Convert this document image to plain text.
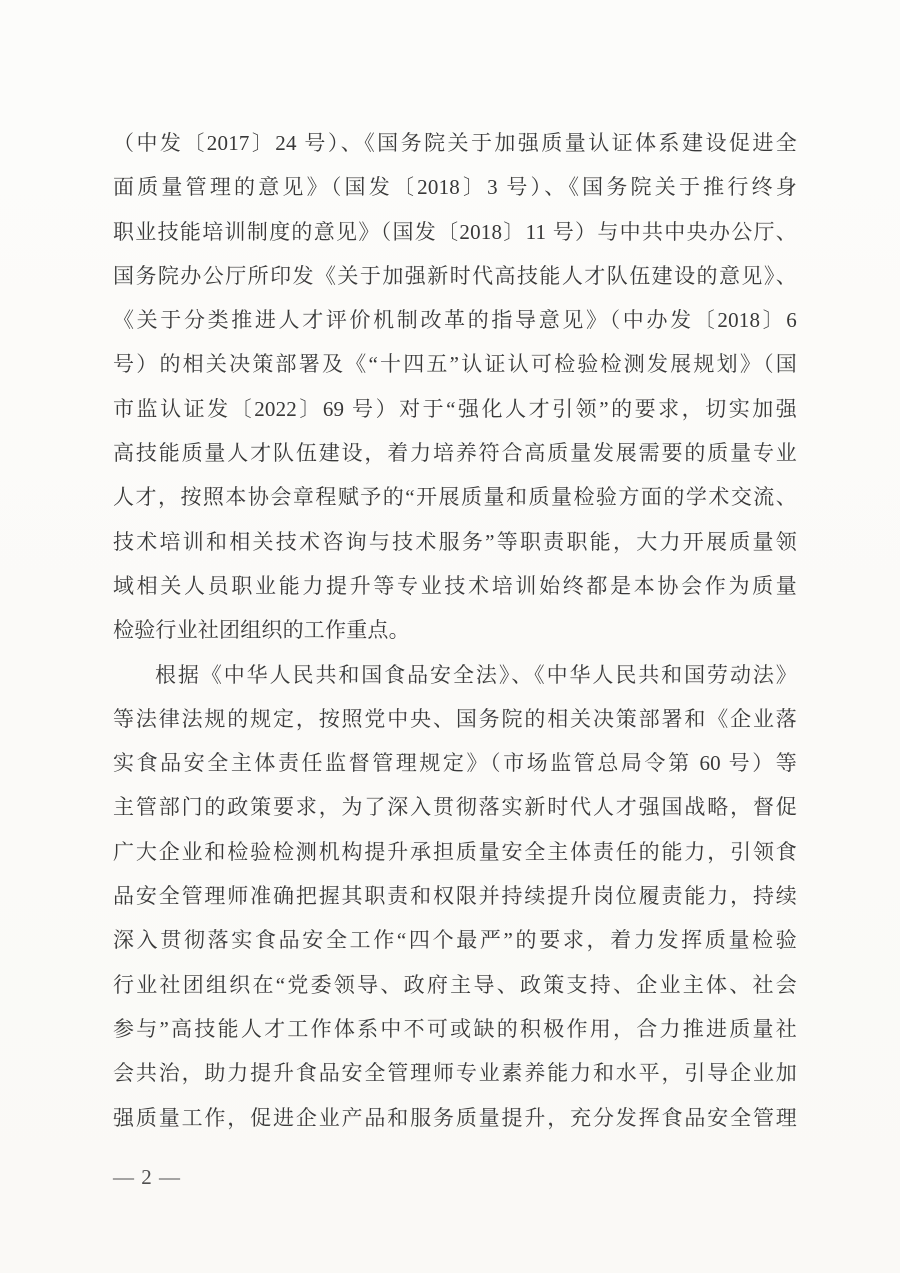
（中发〔2017〕24 号）、《国务院关于加强质量认证体系建设促进全
面质量管理的意见》（国发〔2018〕3 号）、《国务院关于推行终身
职业技能培训制度的意见》（国发〔2018〕11 号）与中共中央办公厅、
国务院办公厅所印发《关于加强新时代高技能人才队伍建设的意见》、
《关于分类推进人才评价机制改革的指导意见》（中办发〔2018〕6
号）的相关决策部署及《“十四五”认证认可检验检测发展规划》（国
市监认证发〔2022〕69 号）对于“强化人才引领”的要求，切实加强
高技能质量人才队伍建设，着力培养符合高质量发展需要的质量专业
人才，按照本协会章程赋予的“开展质量和质量检验方面的学术交流、
技术培训和相关技术咨询与技术服务”等职责职能，大力开展质量领
域相关人员职业能力提升等专业技术培训始终都是本协会作为质量
检验行业社团组织的工作重点。
根据《中华人民共和国食品安全法》、《中华人民共和国劳动法》
等法律法规的规定，按照党中央、国务院的相关决策部署和《企业落
实食品安全主体责任监督管理规定》（市场监管总局令第 60 号）等
主管部门的政策要求，为了深入贯彻落实新时代人才强国战略，督促
广大企业和检验检测机构提升承担质量安全主体责任的能力，引领食
品安全管理师准确把握其职责和权限并持续提升岗位履责能力，持续
深入贯彻落实食品安全工作“四个最严”的要求，着力发挥质量检验
行业社团组织在“党委领导、政府主导、政策支持、企业主体、社会
参与”高技能人才工作体系中不可或缺的积极作用，合力推进质量社
会共治，助力提升食品安全管理师专业素养能力和水平，引导企业加
强质量工作，促进企业产品和服务质量提升，充分发挥食品安全管理
— 2 —
